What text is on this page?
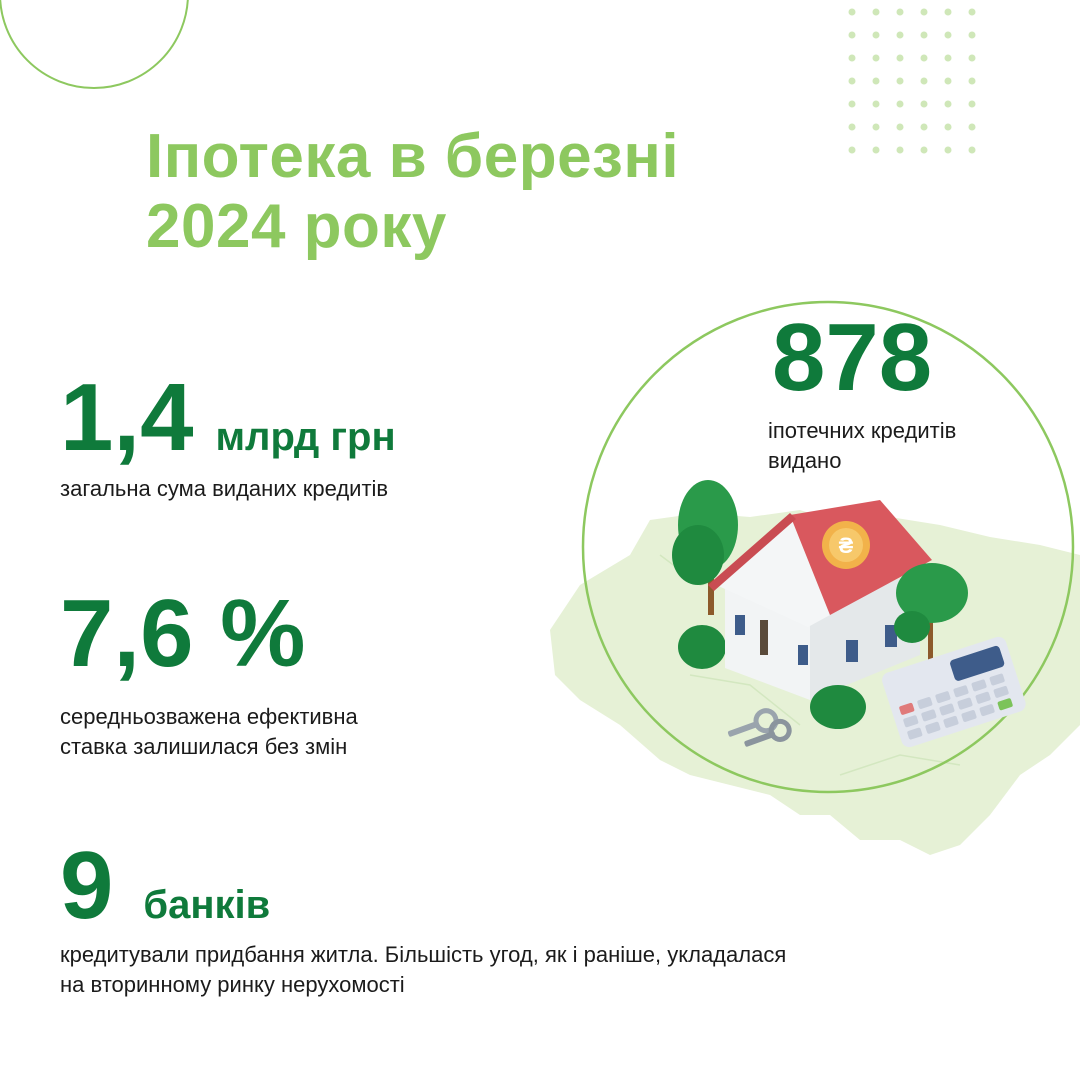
Іпотека в березні
2024 року
1,4 млрд грн
загальна сума виданих кредитів
7,6 %
середньозважена ефективна
ставка залишилася без змін
9 банків
кредитували придбання житла. Більшість угод, як і раніше, укладалася
на вторинному ринку нерухомості
₴
878
іпотечних кредитів
видано
